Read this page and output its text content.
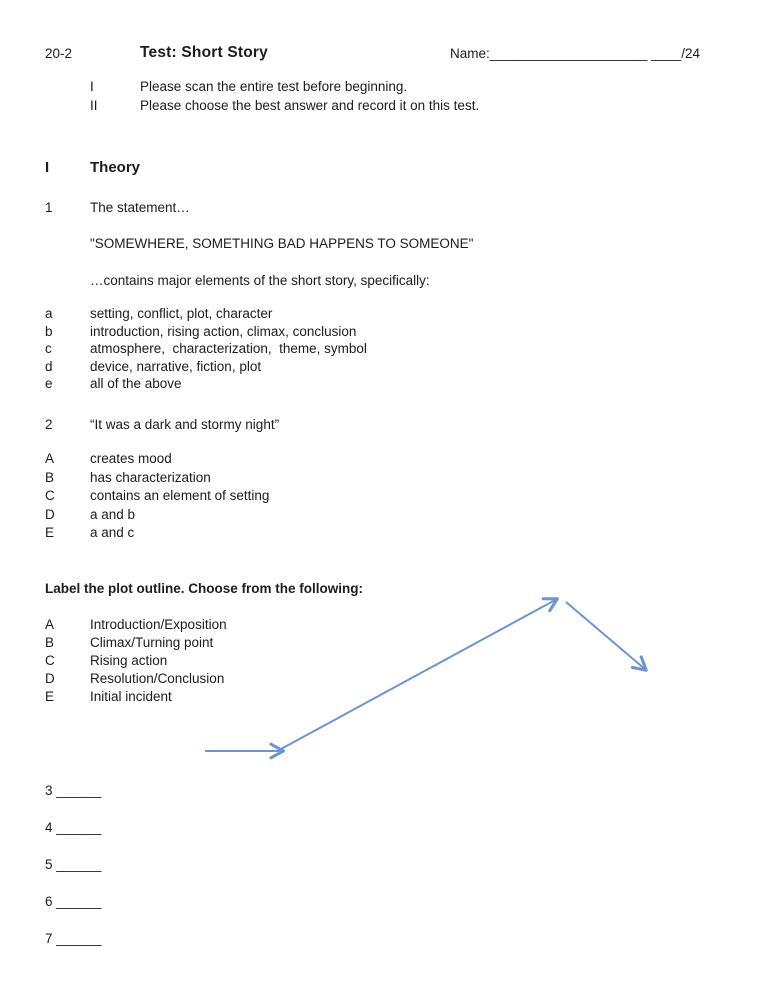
20-2	Test: Short Story	Name:_____________________ ____/24
I	Please scan the entire test before beginning.
II	Please choose the best answer and record it on this test.
I	Theory
1	The statement…
"SOMEWHERE, SOMETHING BAD HAPPENS TO SOMEONE"
…contains major elements of the short story, specifically:
a	setting, conflict, plot, character
b	introduction, rising action, climax, conclusion
c	atmosphere,  characterization,  theme, symbol
d	device, narrative, fiction, plot
e	all of the above
2	“It was a dark and stormy night”
A	creates mood
B	has characterization
C	contains an element of setting
D	a and b
E	a and c
Label the plot outline. Choose from the following:
A	Introduction/Exposition
B	Climax/Turning point
C	Rising action
D	Resolution/Conclusion
E	Initial incident
3 ______
4 ______
5 ______
6 ______
7 ______
